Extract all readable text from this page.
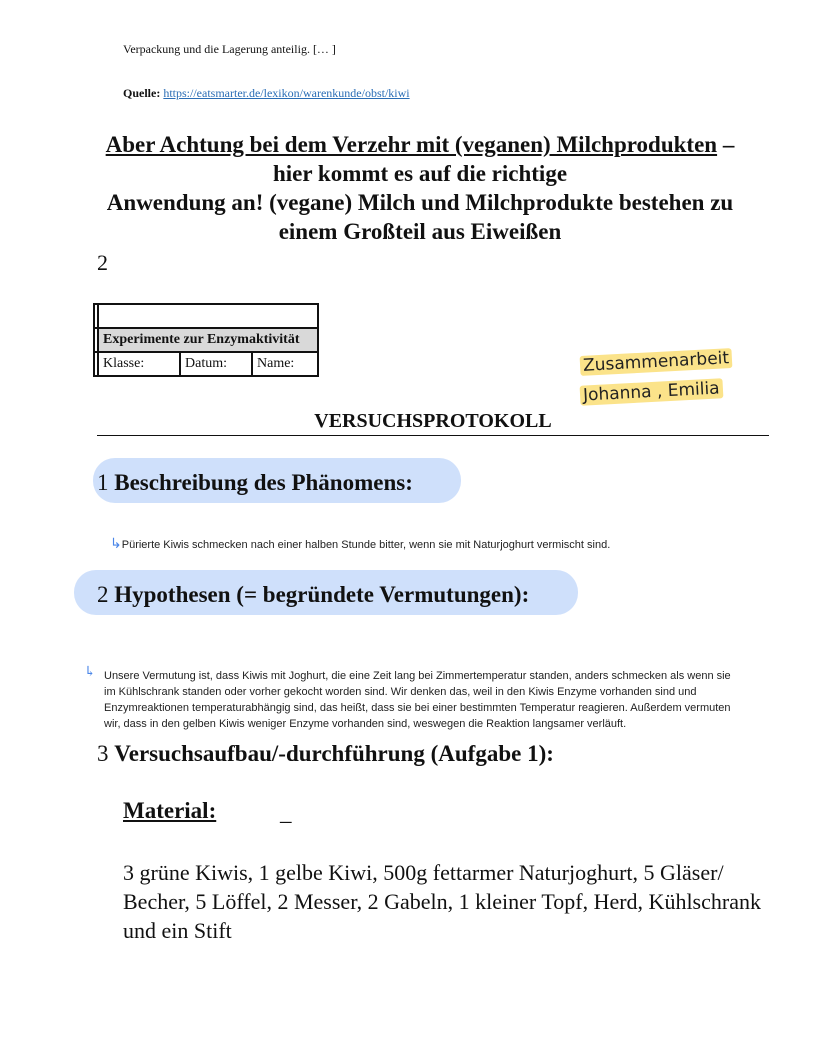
Verpackung und die Lagerung anteilig. [… ]
Quelle: https://eatsmarter.de/lexikon/warenkunde/obst/kiwi
Aber Achtung bei dem Verzehr mit (veganen) Milchprodukten –
hier kommt es auf die richtige
Anwendung an! (vegane) Milch und Milchprodukte bestehen zu
einem Großteil aus Eiweißen
2

	Experimente zur Enzymaktivität		
	Klasse:	Datum:	Name:	Zusammenarbeit
Johanna , Emilia
VERSUCHSPROTOKOLL
1 Beschreibung des Phänomens:
↳Pürierte Kiwis schmecken nach einer halben Stunde bitter, wenn sie mit Naturjoghurt vermischt sind.
2 Hypothesen (= begründete Vermutungen):
↳ Unsere Vermutung ist, dass Kiwis mit Joghurt, die eine Zeit lang bei Zimmertemperatur standen, anders schmecken als wenn sie im Kühlschrank standen oder vorher gekocht worden sind. Wir denken das, weil in den Kiwis Enzyme vorhanden sind und Enzymreaktionen temperaturabhängig sind, das heißt, dass sie bei einer bestimmten Temperatur reagieren. Außerdem vermuten wir, dass in den gelben Kiwis weniger Enzyme vorhanden sind, weswegen die Reaktion langsamer verläuft.
3 Versuchsaufbau/-durchführung (Aufgabe 1):
Material:	_
3 grüne Kiwis, 1 gelbe Kiwi, 500g fettarmer Naturjoghurt, 5 Gläser/ Becher, 5 Löffel, 2 Messer, 2 Gabeln, 1 kleiner Topf, Herd, Kühlschrank und ein Stift
